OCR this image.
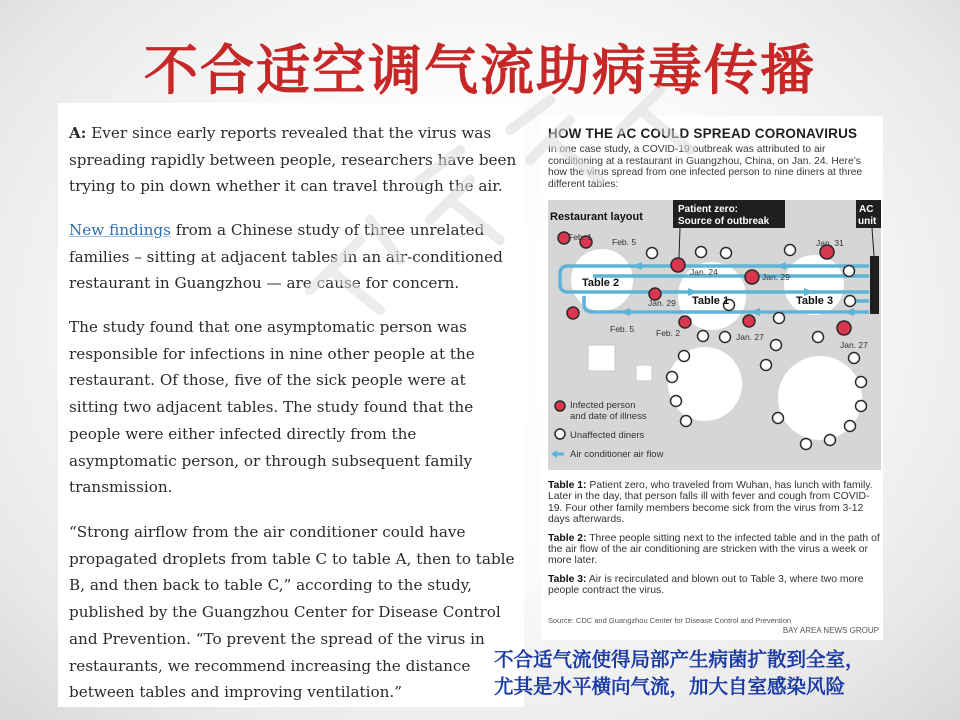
不合适空调气流助病毒传播

A: Ever since early reports revealed that the virus was spreading rapidly between people, researchers have been trying to pin down whether it can travel through the air.

New findings from a Chinese study of three unrelated families – sitting at adjacent tables in an air-conditioned restaurant in Guangzhou — are cause for concern.

The study found that one asymptomatic person was responsible for infections in nine other people at the restaurant. Of those, five of the sick people were at sitting two adjacent tables. The study found that the people were either infected directly from the asymptomatic person, or through subsequent family transmission.

“Strong airflow from the air conditioner could have propagated droplets from table C to table A, then to table B, and then back to table C,” according to the study, published by the Guangzhou Center for Disease Control and Prevention. “To prevent the spread of the virus in restaurants, we recommend increasing the distance between tables and improving ventilation.”

HOW THE AC COULD SPREAD CORONAVIRUS
In one case study, a COVID-19 outbreak was attributed to air conditioning at a restaurant in Guangzhou, China, on Jan. 24. Here’s how the virus spread from one infected person to nine diners at three different tables:
Restaurant layout
Patient zero:
Source of outbreak
AC
unit
Table 2
Table 1	Table 3
Feb. 1 Feb. 5
Jan. 24	Jan. 29
Jan. 31
Jan. 29
Feb. 5	Feb. 2	Jan. 27
Jan. 27
Infected person
and date of illness
Unaffected diners
Air conditioner air flow
Table 1: Patient zero, who traveled from Wuhan, has lunch with family. Later in the day, that person falls ill with fever and cough from COVID-19. Four other family members become sick from the virus from 3-12 days afterwards.
Table 2: Three people sitting next to the infected table and in the path of the air flow of the air conditioning are stricken with the virus a week or more later.
Table 3: Air is recirculated and blown out to Table 3, where two more people contract the virus.
Source: CDC and Guangzhou Center for Disease Control and Prevention
BAY AREA NEWS GROUP
不合适气流使得局部产生病菌扩散到全室，
尤其是水平横向气流，加大自室感染风险
